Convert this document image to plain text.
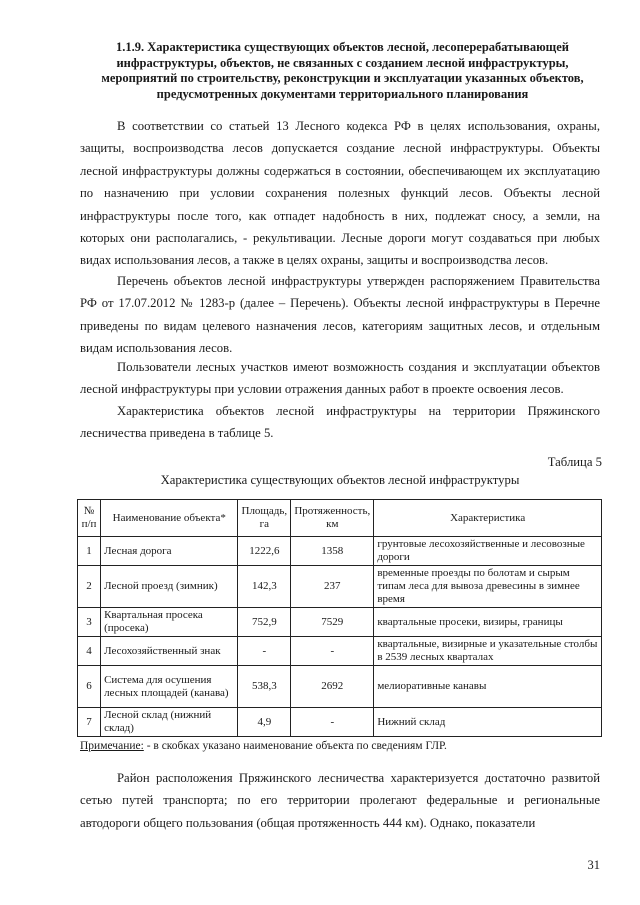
1.1.9. Характеристика существующих объектов лесной, лесоперерабатывающей инфраструктуры, объектов, не связанных с созданием лесной инфраструктуры, мероприятий по строительству, реконструкции и эксплуатации указанных объектов, предусмотренных документами территориального планирования

В соответствии со статьей 13 Лесного кодекса РФ в целях использования, охраны, защиты, воспроизводства лесов допускается создание лесной инфраструктуры. Объекты лесной инфраструктуры должны содержаться в состоянии, обеспечивающем их эксплуатацию по назначению при условии сохранения полезных функций лесов. Объекты лесной инфраструктуры после того, как отпадет надобность в них, подлежат сносу, а земли, на которых они располагались, - рекультивации. Лесные дороги могут создаваться при любых видах использования лесов, а также в целях охраны, защиты и воспроизводства лесов.

Перечень объектов лесной инфраструктуры утвержден распоряжением Правительства РФ от 17.07.2012 № 1283-р (далее – Перечень). Объекты лесной инфраструктуры в Перечне приведены по видам целевого назначения лесов, категориям защитных лесов, и отдельным видам использования лесов.

Пользователи лесных участков имеют возможность создания и эксплуатации объектов лесной инфраструктуры при условии отражения данных работ в проекте освоения лесов.

Характеристика объектов лесной инфраструктуры на территории Пряжинского лесничества приведена в таблице 5.

Таблица 5
Характеристика существующих объектов лесной инфраструктуры
№ п/п	Наименование объекта*	Площадь, га	Протяженность, км	Характеристика
1	Лесная дорога	1222,6	1358	грунтовые лесохозяйственные и лесовозные дороги
2	Лесной проезд (зимник)	142,3	237	временные проезды по болотам и сырым типам леса для вывоза древесины в зимнее время
3	Квартальная просека (просека)	752,9	7529	квартальные просеки, визиры, границы
4	Лесохозяйственный знак	-	-	квартальные, визирные и указательные столбы в 2539 лесных кварталах
6	Система для осушения лесных площадей (канава)	538,3	2692	мелиоративные канавы
7	Лесной склад (нижний склад)	4,9	-	Нижний склад
Примечание: - в скобках указано наименование объекта по сведениям ГЛР.

Район расположения Пряжинского лесничества характеризуется достаточно развитой сетью путей транспорта; по его территории пролегают федеральные и региональные автодороги общего пользования (общая протяженность 444 км). Однако, показатели

31
